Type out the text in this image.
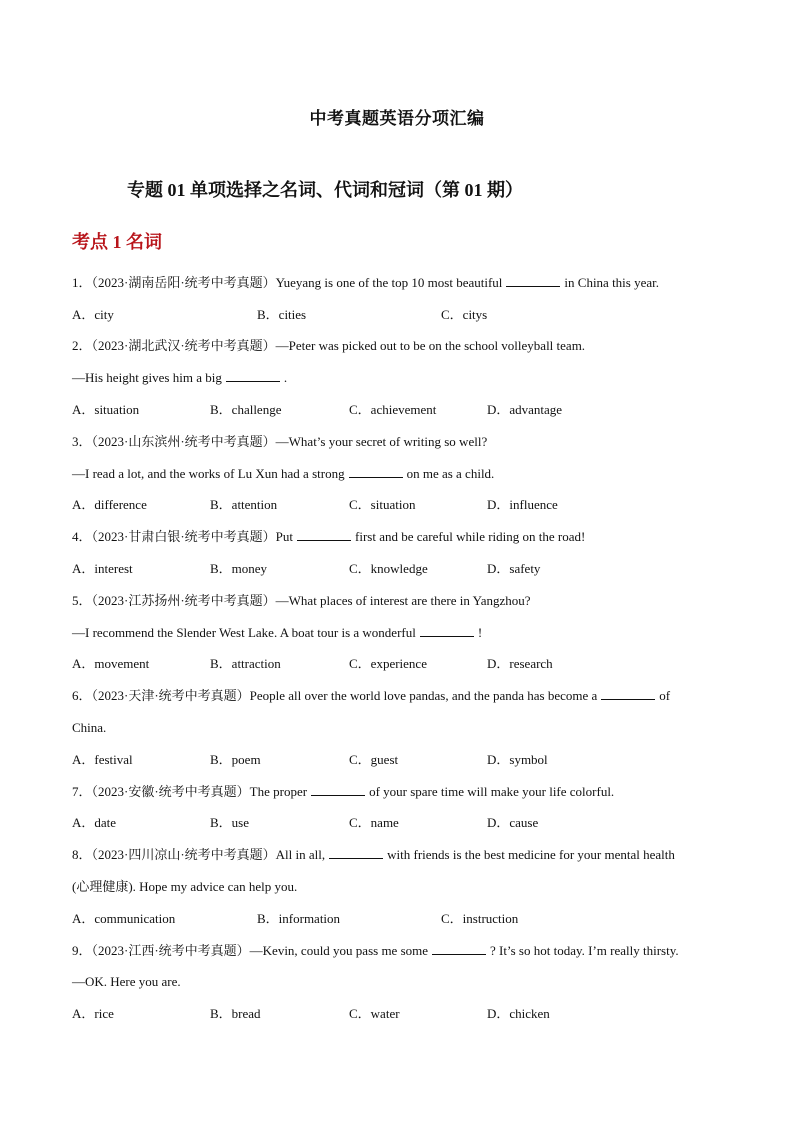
中考真题英语分项汇编
专题 01 单项选择之名词、代词和冠词（第 01 期）
考点 1 名词
1．（2023·湖南岳阳·统考中考真题）Yueyang is one of the top 10 most beautiful	in China this year.
A．city	B．cities	C．citys
2．（2023·湖北武汉·统考中考真题）—Peter was picked out to be on the school volleyball team.
—His height gives him a big	.
A．situation	B．challenge	C．achievement	D．advantage
3．（2023·山东滨州·统考中考真题）—What’s your secret of writing so well?
—I read a lot, and the works of Lu Xun had a strong	on me as a child.
A．difference	B．attention	C．situation	D．influence
4．（2023·甘肃白银·统考中考真题）Put	first and be careful while riding on the road!
A．interest	B．money	C．knowledge	D．safety
5．（2023·江苏扬州·统考中考真题）—What places of interest are there in Yangzhou?
—I recommend the Slender West Lake. A boat tour is a wonderful	!
A．movement	B．attraction	C．experience	D．research
6．（2023·天津·统考中考真题）People all over the world love pandas, and the panda has become a	of
China.
A．festival	B．poem	C．guest	D．symbol
7．（2023·安徽·统考中考真题）The proper	of your spare time will make your life colorful.
A．date	B．use	C．name	D．cause
8．（2023·四川凉山·统考中考真题）All in all,	with friends is the best medicine for your mental health
(心理健康). Hope my advice can help you.
A．communication	B．information	C．instruction
9．（2023·江西·统考中考真题）—Kevin, could you pass me some	? It’s so hot today. I’m really thirsty.
—OK. Here you are.
A．rice	B．bread	C．water	D．chicken
